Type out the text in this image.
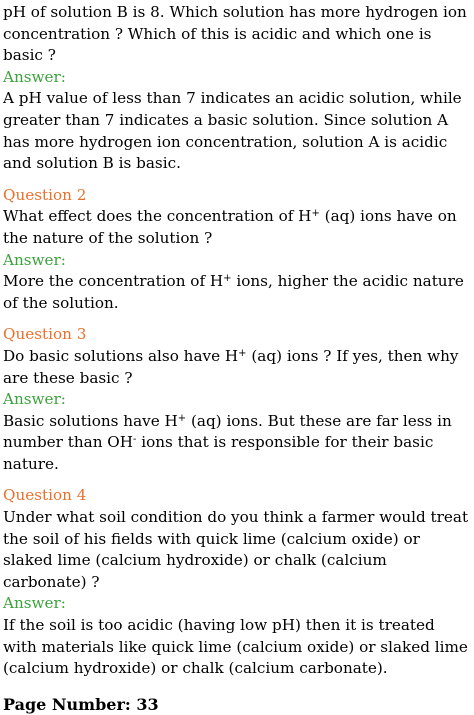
pH of solution B is 8. Which solution has more hydrogen ion concentration ? Which of this is acidic and which one is basic ?

Answer:

A pH value of less than 7 indicates an acidic solution, while greater than 7 indicates a basic solution. Since solution A has more hydrogen ion concentration, solution A is acidic and solution B is basic.

Question 2

What effect does the concentration of H+ (aq) ions have on the nature of the solution ?

Answer:

More the concentration of H+ ions, higher the acidic nature of the solution.

Question 3

Do basic solutions also have H+ (aq) ions ? If yes, then why are these basic ?

Answer:

Basic solutions have H+ (aq) ions. But these are far less in number than OH- ions that is responsible for their basic nature.

Question 4

Under what soil condition do you think a farmer would treat the soil of his fields with quick lime (calcium oxide) or slaked lime (calcium hydroxide) or chalk (calcium carbonate) ?

Answer:

If the soil is too acidic (having low pH) then it is treated with materials like quick lime (calcium oxide) or slaked lime (calcium hydroxide) or chalk (calcium carbonate).

Page Number: 33
